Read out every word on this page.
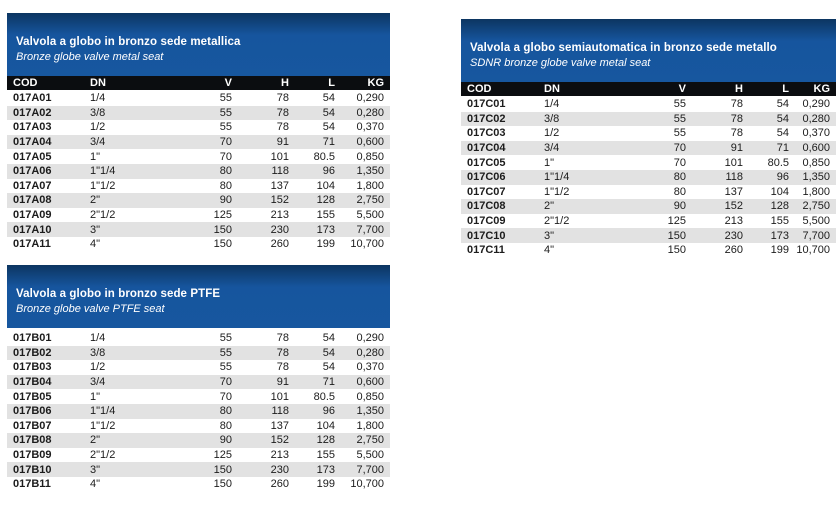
Valvola a globo in bronzo sede metallica
Bronze globe valve metal seat
COD	DN	V	H	L	KG
017A01	1/4	55	78	54	0,290
017A02	3/8	55	78	54	0,280
017A03	1/2	55	78	54	0,370
017A04	3/4	70	91	71	0,600
017A05	1"	70	101	80.5	0,850
017A06	1"1/4	80	118	96	1,350
017A07	1"1/2	80	137	104	1,800
017A08	2"	90	152	128	2,750
017A09	2"1/2	125	213	155	5,500
017A10	3"	150	230	173	7,700
017A11	4"	150	260	199	10,700
Valvola a globo semiautomatica in bronzo sede metallo
SDNR bronze globe valve metal seat
COD	DN	V	H	L	KG
017C01	1/4	55	78	54	0,290
017C02	3/8	55	78	54	0,280
017C03	1/2	55	78	54	0,370
017C04	3/4	70	91	71	0,600
017C05	1"	70	101	80.5	0,850
017C06	1"1/4	80	118	96	1,350
017C07	1"1/2	80	137	104	1,800
017C08	2"	90	152	128	2,750
017C09	2"1/2	125	213	155	5,500
017C10	3"	150	230	173	7,700
017C11	4"	150	260	199	10,700
Valvola a globo in bronzo sede PTFE
Bronze globe valve PTFE seat
017B01	1/4	55	78	54	0,290
017B02	3/8	55	78	54	0,280
017B03	1/2	55	78	54	0,370
017B04	3/4	70	91	71	0,600
017B05	1"	70	101	80.5	0,850
017B06	1"1/4	80	118	96	1,350
017B07	1"1/2	80	137	104	1,800
017B08	2"	90	152	128	2,750
017B09	2"1/2	125	213	155	5,500
017B10	3"	150	230	173	7,700
017B11	4"	150	260	199	10,700
